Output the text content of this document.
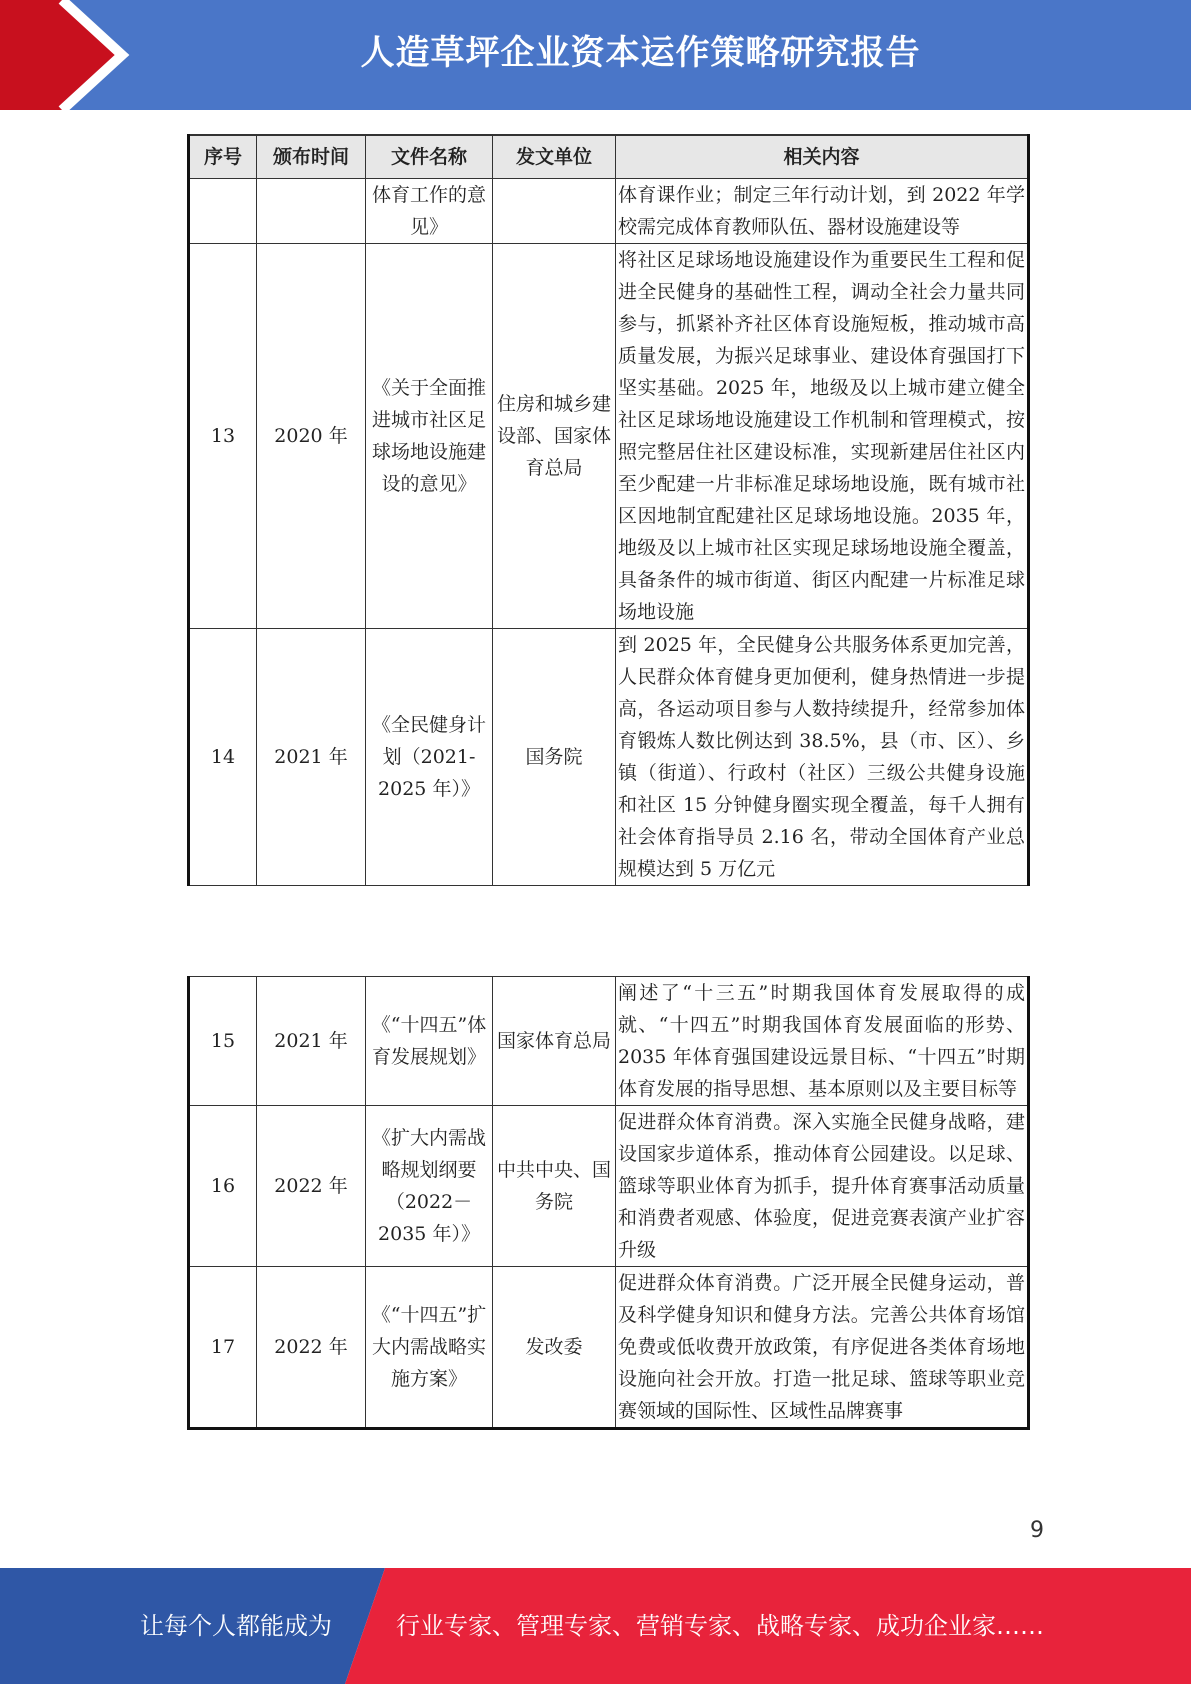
人造草坪企业资本运作策略研究报告
序号	颁布时间	文件名称	发文单位	相关内容
		体育工作的意见》		体育课作业；制定三年行动计划，到 2022 年学校需完成体育教师队伍、器材设施建设等
13	2020 年	《关于全面推进城市社区足球场地设施建设的意见》	住房和城乡建设部、国家体育总局	将社区足球场地设施建设作为重要民生工程和促进全民健身的基础性工程，调动全社会力量共同参与，抓紧补齐社区体育设施短板，推动城市高质量发展，为振兴足球事业、建设体育强国打下坚实基础。2025 年，地级及以上城市建立健全社区足球场地设施建设工作机制和管理模式，按照完整居住社区建设标准，实现新建居住社区内至少配建一片非标准足球场地设施，既有城市社区因地制宜配建社区足球场地设施。2035 年，地级及以上城市社区实现足球场地设施全覆盖，具备条件的城市街道、街区内配建一片标准足球场地设施
14	2021 年	《全民健身计划（2021-2025 年）》	国务院	到 2025 年，全民健身公共服务体系更加完善，人民群众体育健身更加便利，健身热情进一步提高，各运动项目参与人数持续提升，经常参加体育锻炼人数比例达到 38.5%，县（市、区）、乡镇（街道）、行政村（社区）三级公共健身设施和社区 15 分钟健身圈实现全覆盖，每千人拥有社会体育指导员 2.16 名，带动全国体育产业总规模达到 5 万亿元
15	2021 年	《“十四五”体育发展规划》	国家体育总局	阐述了“十三五”时期我国体育发展取得的成就、“十四五”时期我国体育发展面临的形势、2035 年体育强国建设远景目标、“十四五”时期体育发展的指导思想、基本原则以及主要目标等
16	2022 年	《扩大内需战略规划纲要（2022－2035 年）》	中共中央、国务院	促进群众体育消费。深入实施全民健身战略，建设国家步道体系，推动体育公园建设。以足球、篮球等职业体育为抓手，提升体育赛事活动质量和消费者观感、体验度，促进竞赛表演产业扩容升级
17	2022 年	《“十四五”扩大内需战略实施方案》	发改委	促进群众体育消费。广泛开展全民健身运动，普及科学健身知识和健身方法。完善公共体育场馆免费或低收费开放政策，有序促进各类体育场地设施向社会开放。打造一批足球、篮球等职业竞赛领域的国际性、区域性品牌赛事
9
让每个人都能成为	行业专家、管理专家、营销专家、战略专家、成功企业家……
